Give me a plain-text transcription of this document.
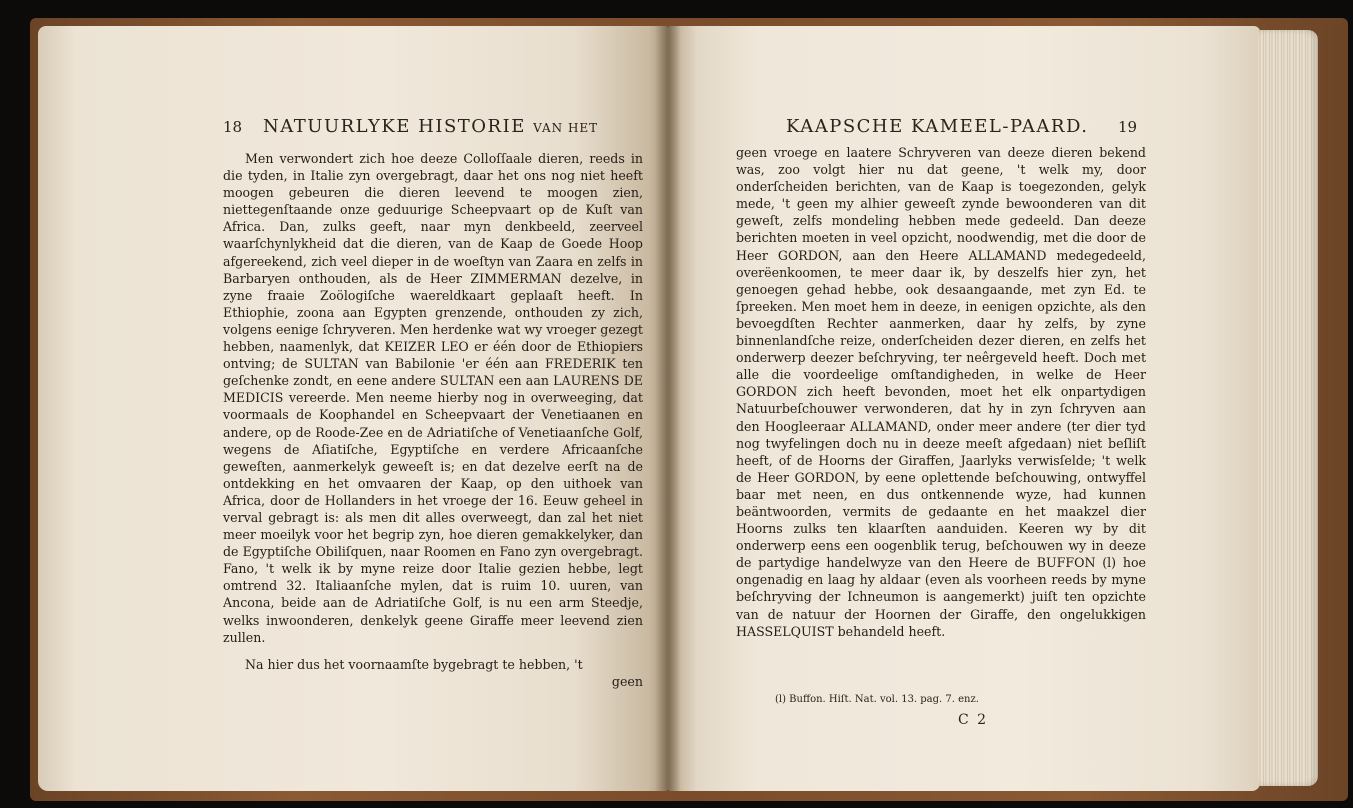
18 NATUURLYKE HISTORIE VAN HET

Men verwondert zich hoe deeze Colloſſaale dieren, reeds in die tyden, in Italie zyn overgebragt, daar het ons nog niet heeft moogen gebeuren die dieren leevend te moogen zien, niettegenſtaande onze geduurige Scheepvaart op de Kuſt van Africa. Dan, zulks geeft, naar myn denkbeeld, zeerveel waarſchynlykheid dat die dieren, van de Kaap de Goede Hoop afgereekend, zich veel dieper in de woeſtyn van Zaara en zelfs in Barbaryen onthouden, als de Heer ZIMMERMAN dezelve, in zyne fraaie Zoölogiſche waereldkaart geplaaſt heeft. In Ethiophie, zoona aan Egypten grenzende, onthouden zy zich, volgens eenige ſchryveren. Men herdenke wat wy vroeger gezegt hebben, naamenlyk, dat KEIZER LEO er één door de Ethiopiers ontving; de SULTAN van Babilonie 'er één aan FREDERIK ten geſchenke zondt, en eene andere SULTAN een aan LAURENS DE MEDICIS vereerde. Men neeme hierby nog in overweeging, dat voormaals de Koophandel en Scheepvaart der Venetiaanen en andere, op de Roode-Zee en de Adriatiſche of Venetiaanſche Golf, wegens de Aſiatiſche, Egyptiſche en verdere Africaanſche geweſten, aanmerkelyk geweeſt is; en dat dezelve eerſt na de ontdekking en het omvaaren der Kaap, op den uithoek van Africa, door de Hollanders in het vroege der 16. Eeuw geheel in verval gebragt is: als men dit alles overweegt, dan zal het niet meer moeilyk voor het begrip zyn, hoe dieren gemakkelyker, dan de Egyptiſche Obiliſquen, naar Roomen en Fano zyn overgebragt. Fano, 't welk ik by myne reize door Italie gezien hebbe, legt omtrend 32. Italiaanſche mylen, dat is ruim 10. uuren, van Ancona, beide aan de Adriatiſche Golf, is nu een arm Steedje, welks inwoonderen, denkelyk geene Giraffe meer leevend zien zullen.

Na hier dus het voornaamſte bygebragt te hebben, 't

geen

KAAPSCHE KAMEEL-PAARD. 19

geen vroege en laatere Schryveren van deeze dieren bekend was, zoo volgt hier nu dat geene, 't welk my, door onderſcheiden berichten, van de Kaap is toegezonden, gelyk mede, 't geen my alhier geweeſt zynde bewoonderen van dit geweſt, zelfs mondeling hebben mede gedeeld. Dan deeze berichten moeten in veel opzicht, noodwendig, met die door de Heer GORDON, aan den Heere ALLAMAND medegedeeld, overëenkoomen, te meer daar ik, by deszelfs hier zyn, het genoegen gehad hebbe, ook desaangaande, met zyn Ed. te ſpreeken. Men moet hem in deeze, in eenigen opzichte, als den bevoegdſten Rechter aanmerken, daar hy zelfs, by zyne binnenlandſche reize, onderſcheiden dezer dieren, en zelfs het onderwerp deezer beſchryving, ter neêrgeveld heeft. Doch met alle die voordeelige omſtandigheden, in welke de Heer GORDON zich heeft bevonden, moet het elk onpartydigen Natuurbeſchouwer verwonderen, dat hy in zyn ſchryven aan den Hoogleeraar ALLAMAND, onder meer andere (ter dier tyd nog twyfelingen doch nu in deeze meeſt afgedaan) niet beſliſt heeft, of de Hoorns der Giraffen, Jaarlyks verwisſelde; 't welk de Heer GORDON, by eene oplettende beſchouwing, ontwyffel baar met neen, en dus ontkennende wyze, had kunnen beäntwoorden, vermits de gedaante en het maakzel dier Hoorns zulks ten klaarſten aanduiden. Keeren wy by dit onderwerp eens een oogenblik terug, beſchouwen wy in deeze de partydige handelwyze van den Heere de BUFFON (l) hoe ongenadig en laag hy aldaar (even als voorheen reeds by myne beſchryving der Ichneumon is aangemerkt) juiſt ten opzichte van de natuur der Hoornen der Giraffe, den ongelukkigen HASSELQUIST behandeld heeft.

(l) Buffon. Hiſt. Nat. vol. 13. pag. 7. enz.
C 2
